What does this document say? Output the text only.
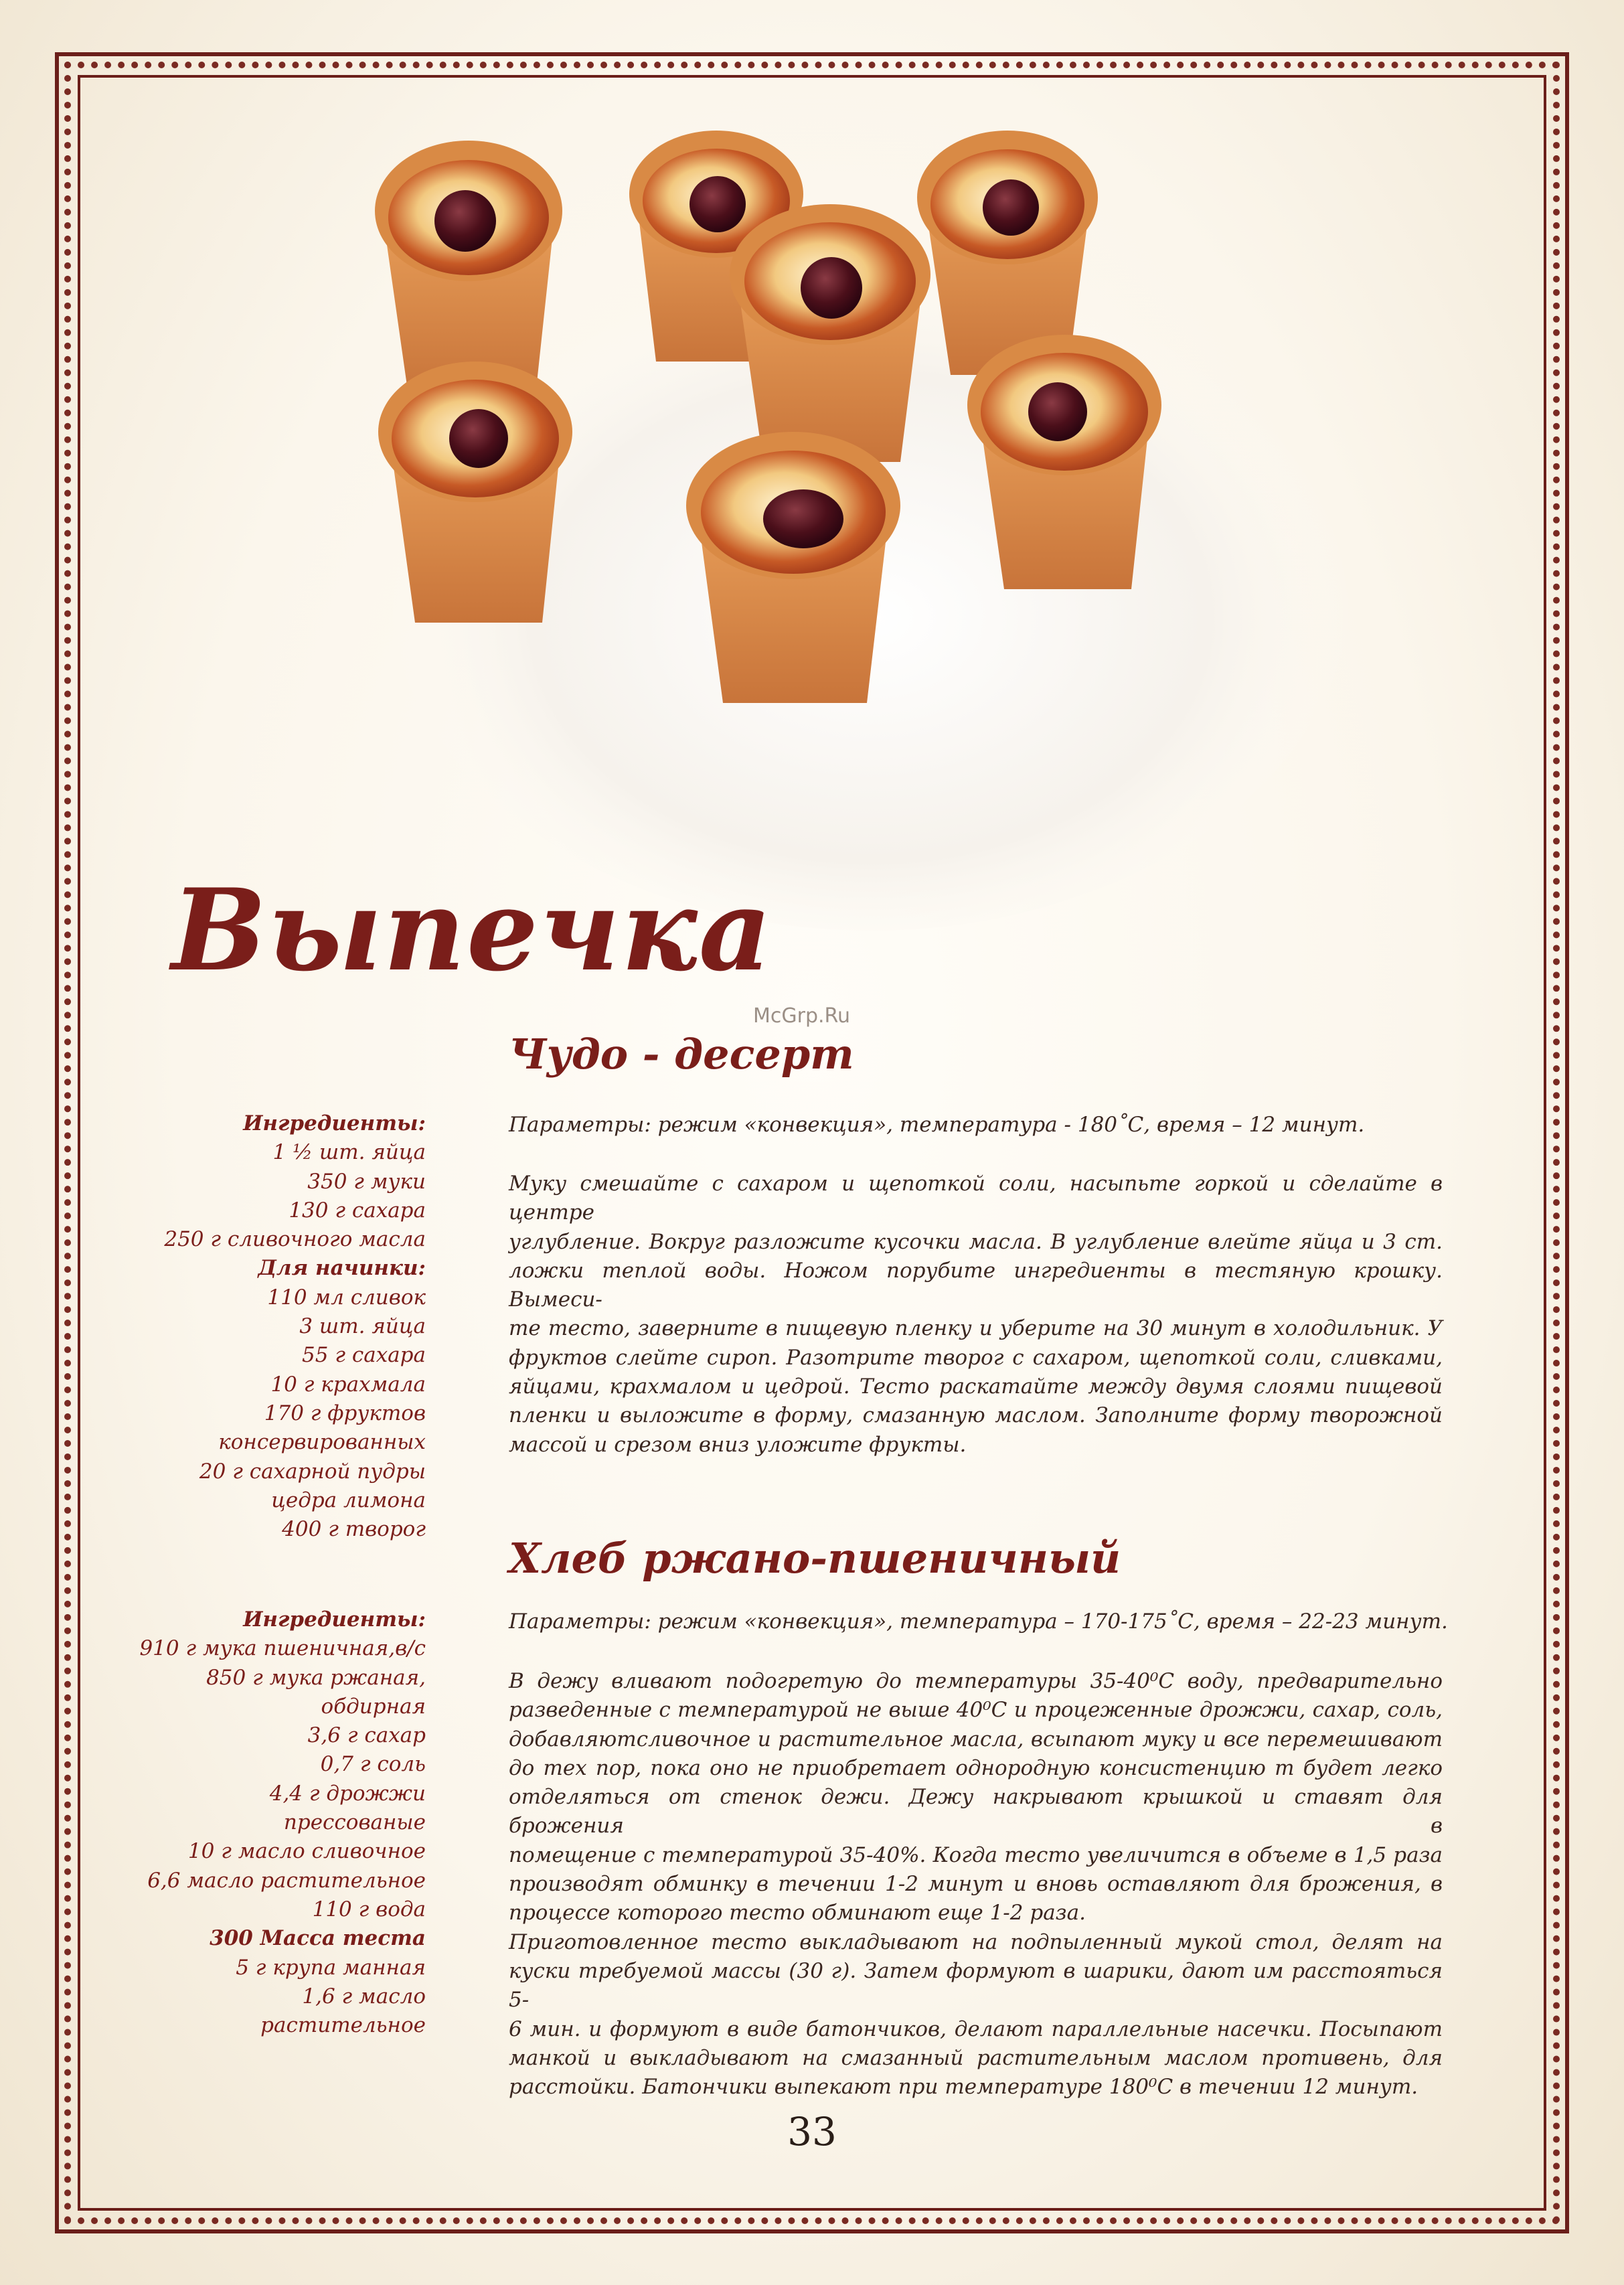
McGrp.Ru
Выпечка
Чудо - десерт
Параметры: режим «конвекция», температура - 180˚С, время – 12 минут.
Муку смешайте с сахаром и щепоткой соли, насыпьте горкой и сделайте в центре
углубление. Вокруг разложите кусочки масла. В углубление влейте яйца и 3 ст.
ложки теплой воды. Ножом порубите ингредиенты в тестяную крошку. Вымеси-
те тесто, заверните в пищевую пленку и уберите на 30 минут в холодильник. У
фруктов слейте сироп. Разотрите творог с сахаром, щепоткой соли, сливками,
яйцами, крахмалом и цедрой. Тесто раскатайте между двумя слоями пищевой
пленки и выложите в форму, смазанную маслом. Заполните форму творожной
массой и срезом вниз уложите фрукты.
Ингредиенты:
1 ½ шт. яйца
350 г муки
130 г сахара
250 г сливочного масла
Для начинки:
110 мл сливок
3 шт. яйца
55 г сахара
10 г крахмала
170 г фруктов
консервированных
20 г сахарной пудры
цедра лимона
400 г творог
Хлеб ржано-пшеничный
Параметры: режим «конвекция», температура – 170-175˚С, время – 22-23 минут.
В дежу вливают подогретую до температуры 35-40⁰С воду, предварительно
разведенные с температурой не выше 40⁰С и процеженные дрожжи, сахар, соль,
добавляютсливочное и растительное масла, всыпают муку и все перемешивают
до тех пор, пока оно не приобретает однородную консистенцию т будет легко
отделяться от стенок дежи. Дежу накрывают крышкой и ставят для брожения в
помещение с температурой 35-40%. Когда тесто увеличится в объеме в 1,5 раза
производят обминку в течении 1-2 минут и вновь оставляют для брожения, в
процессе которого тесто обминают еще 1-2 раза.
Приготовленное тесто выкладывают на подпыленный мукой стол, делят на
куски требуемой массы (30 г). Затем формуют в шарики, дают им расстояться 5-
6 мин. и формуют в виде батончиков, делают параллельные насечки. Посыпают
манкой и выкладывают на смазанный растительным маслом противень, для
расстойки. Батончики выпекают при температуре 180⁰С в течении 12 минут.
Ингредиенты:
910 г мука пшеничная,в/с
850 г мука ржаная,
обдирная
3,6 г сахар
0,7 г соль
4,4 г дрожжи
прессованые
10 г масло сливочное
6,6 масло растительное
110 г вода
300 Масса теста
5 г крупа манная
1,6 г масло
растительное
33
